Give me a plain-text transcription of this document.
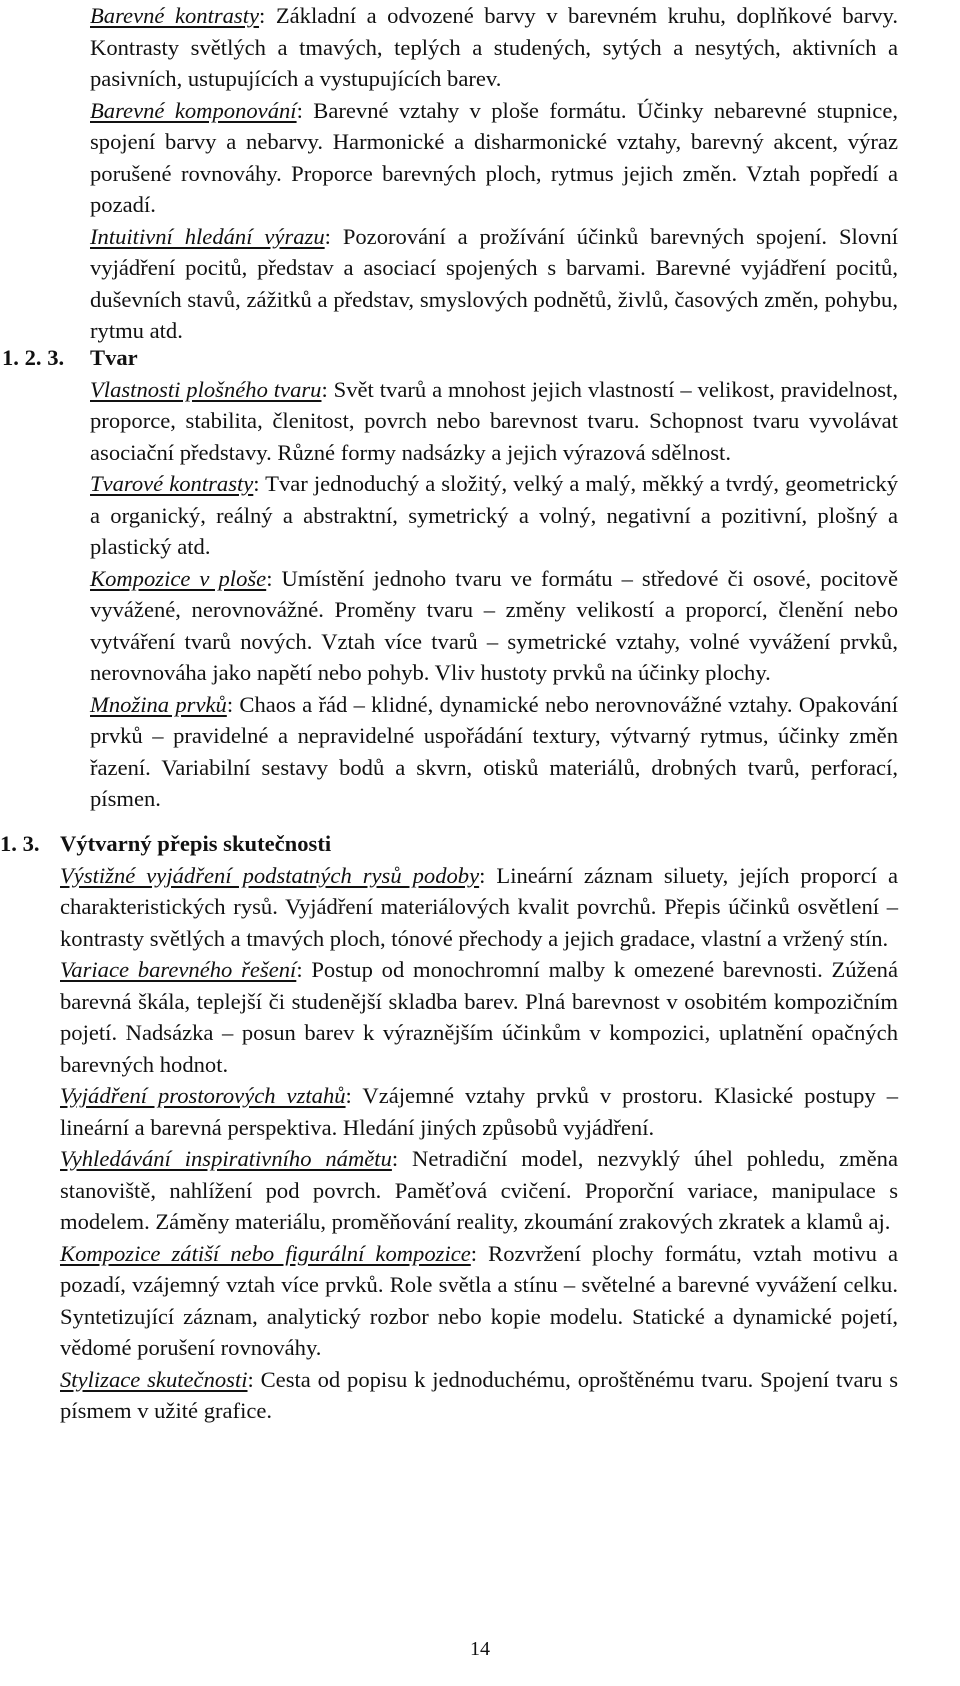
Barevné kontrasty: Základní a odvozené barvy v barevném kruhu, doplňkové barvy. Kontrasty světlých a tmavých, teplých a studených, sytých a nesytých, aktivních a pasivních, ustupujících a vystupujících barev.

Barevné komponování: Barevné vztahy v ploše formátu. Účinky nebarevné stupnice, spojení barvy a nebarvy. Harmonické a disharmonické vztahy, barevný akcent, výraz porušené rovnováhy. Proporce barevných ploch, rytmus jejich změn. Vztah popředí a pozadí.

Intuitivní hledání výrazu: Pozorování a prožívání účinků barevných spojení. Slovní vyjádření pocitů, představ a asociací spojených s barvami. Barevné vyjádření pocitů, duševních stavů, zážitků a představ, smyslových podnětů, živlů, časových změn, pohybu, rytmu atd.

1. 2. 3.	Tvar

Vlastnosti plošného tvaru: Svět tvarů a mnohost jejich vlastností – velikost, pravidelnost, proporce, stabilita, členitost, povrch nebo barevnost tvaru. Schopnost tvaru vyvolávat asociační představy. Různé formy nadsázky a jejich výrazová sdělnost.

Tvarové kontrasty: Tvar jednoduchý a složitý, velký a malý, měkký a tvrdý, geometrický a organický, reálný a abstraktní, symetrický a volný, negativní a pozitivní, plošný a plastický atd.

Kompozice v ploše: Umístění jednoho tvaru ve formátu – středové či osové, pocitově vyvážené, nerovnovážné. Proměny tvaru – změny velikostí a proporcí, členění nebo vytváření tvarů nových. Vztah více tvarů – symetrické vztahy, volné vyvážení prvků, nerovnováha jako napětí nebo pohyb. Vliv hustoty prvků na účinky plochy.

Množina prvků: Chaos a řád – klidné, dynamické nebo nerovnovážné vztahy. Opakování prvků – pravidelné a nepravidelné uspořádání textury, výtvarný rytmus, účinky změn řazení. Variabilní sestavy bodů a skvrn, otisků materiálů, drobných tvarů, perforací, písmen.

1. 3. Výtvarný přepis skutečnosti

Výstižné vyjádření podstatných rysů podoby: Lineární záznam siluety, jejích proporcí a charakteristických rysů. Vyjádření materiálových kvalit povrchů. Přepis účinků osvětlení – kontrasty světlých a tmavých ploch, tónové přechody a jejich gradace, vlastní a vržený stín.

Variace barevného řešení: Postup od monochromní malby k omezené barevnosti. Zúžená barevná škála, teplejší či studenější skladba barev. Plná barevnost v osobitém kompozičním pojetí. Nadsázka – posun barev k výraznějším účinkům v kompozici, uplatnění opačných barevných hodnot.

Vyjádření prostorových vztahů: Vzájemné vztahy prvků v prostoru. Klasické postupy – lineární a barevná perspektiva. Hledání jiných způsobů vyjádření.

Vyhledávání inspirativního námětu: Netradiční model, nezvyklý úhel pohledu, změna stanoviště, nahlížení pod povrch. Paměťová cvičení. Proporční variace, manipulace s modelem. Záměny materiálu, proměňování reality, zkoumání zrakových zkratek a klamů aj.

Kompozice zátiší nebo figurální kompozice: Rozvržení plochy formátu, vztah motivu a pozadí, vzájemný vztah více prvků. Role světla a stínu – světelné a barevné vyvážení celku. Syntetizující záznam, analytický rozbor nebo kopie modelu. Statické a dynamické pojetí, vědomé porušení rovnováhy.

Stylizace skutečnosti: Cesta od popisu k jednoduchému, oproštěnému tvaru. Spojení tvaru s písmem v užité grafice.

14
